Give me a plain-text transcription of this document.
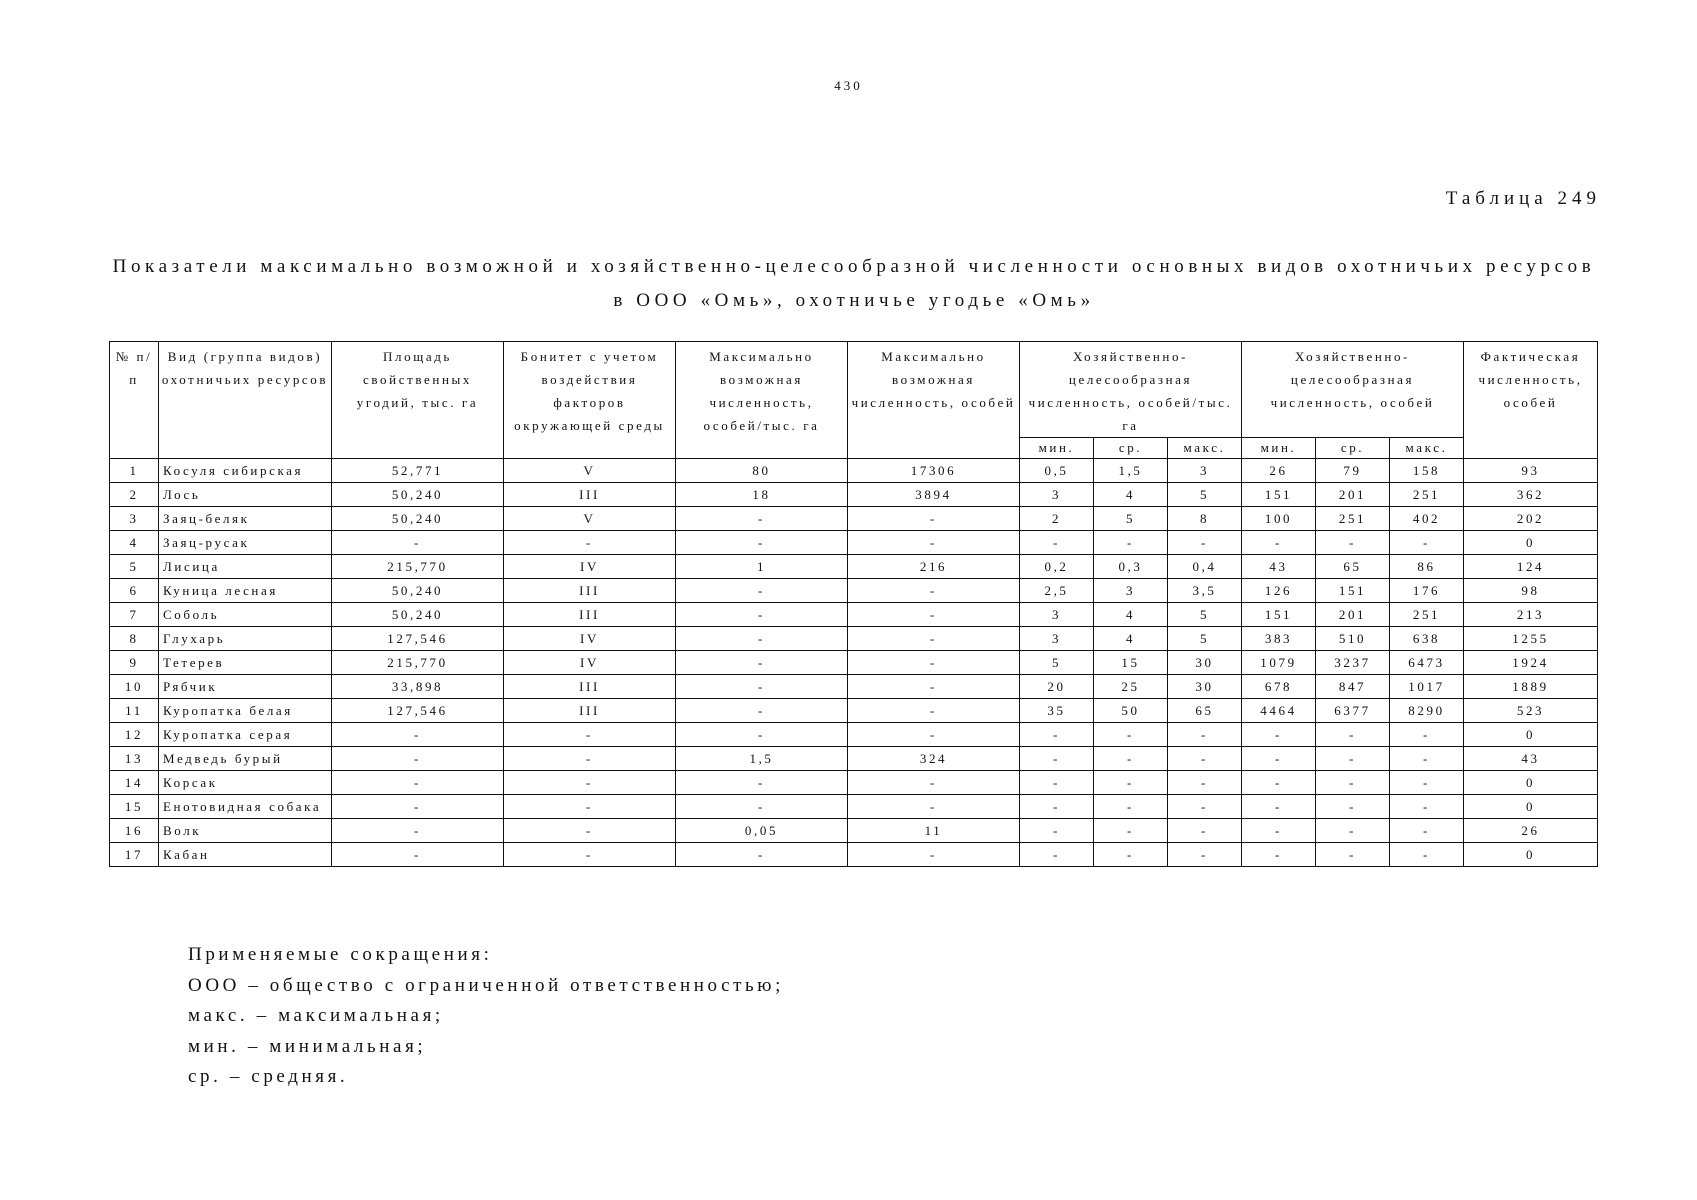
430
Таблица 249
Показатели максимально возможной и хозяйственно-целесообразной численности основных видов охотничьих ресурсов
в ООО «Омь», охотничье угодье «Омь»
№ п/п	Вид (группа видов) охотничьих ресурсов	Площадь свойственных угодий, тыс. га	Бонитет с учетом воздействия факторов окружающей среды	Максимально возможная численность, особей/тыс. га	Максимально возможная численность, особей	Хозяйственно-целесообразная численность, особей/тыс. га			Хозяйственно-целесообразная численность, особей			Фактическая численность, особей
						мин.	ср.	макс.	мин.	ср.	макс.	
1	Косуля сибирская	52,771	V	80	17306	0,5	1,5	3	26	79	158	93
2	Лось	50,240	III	18	3894	3	4	5	151	201	251	362
3	Заяц-беляк	50,240	V	-	-	2	5	8	100	251	402	202
4	Заяц-русак	-	-	-	-	-	-	-	-	-	-	0
5	Лисица	215,770	IV	1	216	0,2	0,3	0,4	43	65	86	124
6	Куница лесная	50,240	III	-	-	2,5	3	3,5	126	151	176	98
7	Соболь	50,240	III	-	-	3	4	5	151	201	251	213
8	Глухарь	127,546	IV	-	-	3	4	5	383	510	638	1255
9	Тетерев	215,770	IV	-	-	5	15	30	1079	3237	6473	1924
10	Рябчик	33,898	III	-	-	20	25	30	678	847	1017	1889
11	Куропатка белая	127,546	III	-	-	35	50	65	4464	6377	8290	523
12	Куропатка серая	-	-	-	-	-	-	-	-	-	-	0
13	Медведь бурый	-	-	1,5	324	-	-	-	-	-	-	43
14	Корсак	-	-	-	-	-	-	-	-	-	-	0
15	Енотовидная собака	-	-	-	-	-	-	-	-	-	-	0
16	Волк	-	-	0,05	11	-	-	-	-	-	-	26
17	Кабан	-	-	-	-	-	-	-	-	-	-	0
Применяемые сокращения:
ООО – общество с ограниченной ответственностью;
макс. – максимальная;
мин. – минимальная;
ср. – средняя.
